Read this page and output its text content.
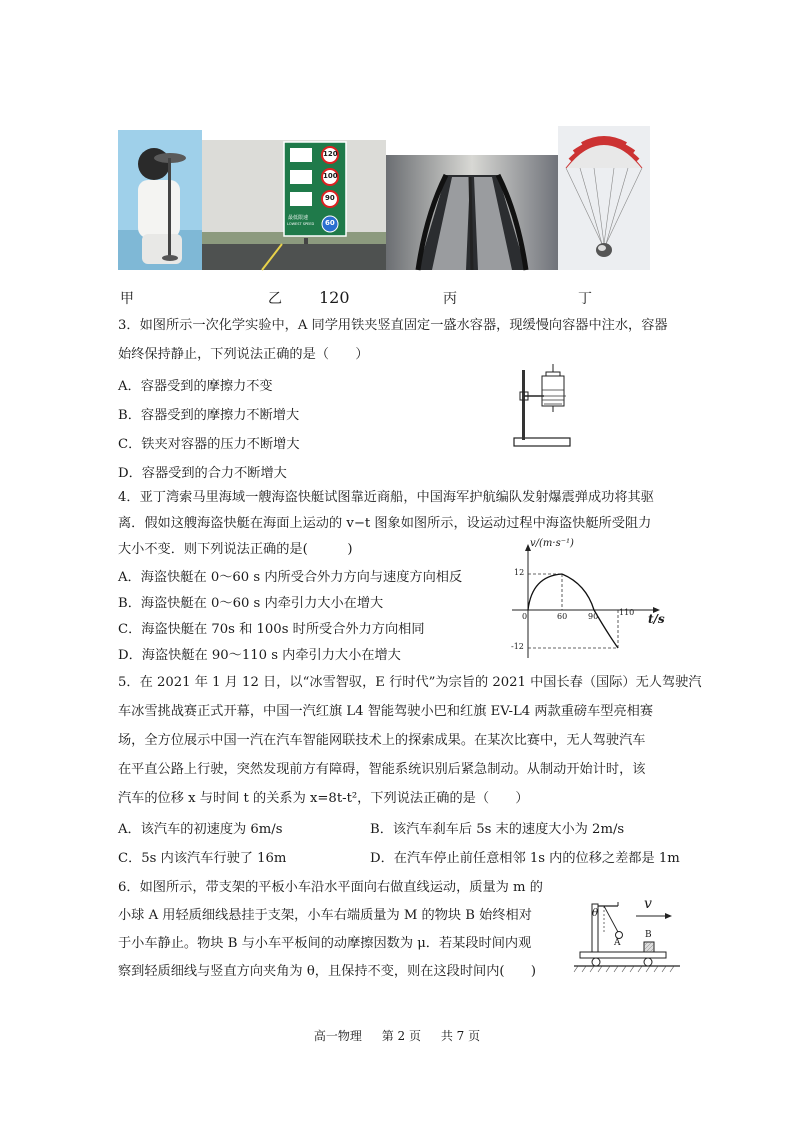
120
120
100
90
60
最低限速
LOWEST SPEED
甲	乙	丙	丁
3．如图所示一次化学实验中，A 同学用铁夹竖直固定一盛水容器，现缓慢向容器中注水，容器
始终保持静止，下列说法正确的是（　　）
A．容器受到的摩擦力不变
B．容器受到的摩擦力不断增大
C．铁夹对容器的压力不断增大
D．容器受到的合力不断增大
4．亚丁湾索马里海域一艘海盗快艇试图靠近商船，中国海军护航编队发射爆震弹成功将其驱
离．假如这艘海盗快艇在海面上运动的 v−t 图象如图所示，设运动过程中海盗快艇所受阻力
大小不变．则下列说法正确的是(　　　)
A．海盗快艇在 0～60 s 内所受合外力方向与速度方向相反
B．海盗快艇在 0～60 s 内牵引力大小在增大
C．海盗快艇在 70s 和 100s 时所受合外力方向相同
D．海盗快艇在 90～110 s 内牵引力大小在增大
v/(m·s⁻¹)
t/s
12
-12
0	60	90	110
5．在 2021 年 1 月 12 日，以“冰雪智驭，E 行时代”为宗旨的 2021 中国长春（国际）无人驾驶汽
车冰雪挑战赛正式开幕，中国一汽红旗 L4 智能驾驶小巴和红旗 EV-L4 两款重磅车型亮相赛
场，全方位展示中国一汽在汽车智能网联技术上的探索成果。在某次比赛中，无人驾驶汽车
在平直公路上行驶，突然发现前方有障碍，智能系统识别后紧急制动。从制动开始计时，该
汽车的位移 x 与时间 t 的关系为 x=8t-t²，下列说法正确的是（　　）
A．该汽车的初速度为 6m/s	B．该汽车刹车后 5s 末的速度大小为 2m/s
C．5s 内该汽车行驶了 16m	D．在汽车停止前任意相邻 1s 内的位移之差都是 1m
6．如图所示，带支架的平板小车沿水平面向右做直线运动，质量为 m 的
小球 A 用轻质细线悬挂于支架，小车右端质量为 M 的物块 B 始终相对
于小车静止。物块 B 与小车平板间的动摩擦因数为 μ．若某段时间内观
察到轻质细线与竖直方向夹角为 θ，且保持不变，则在这段时间内(　　)
θ
v
A
B
高一物理 第 2 页 共 7 页
